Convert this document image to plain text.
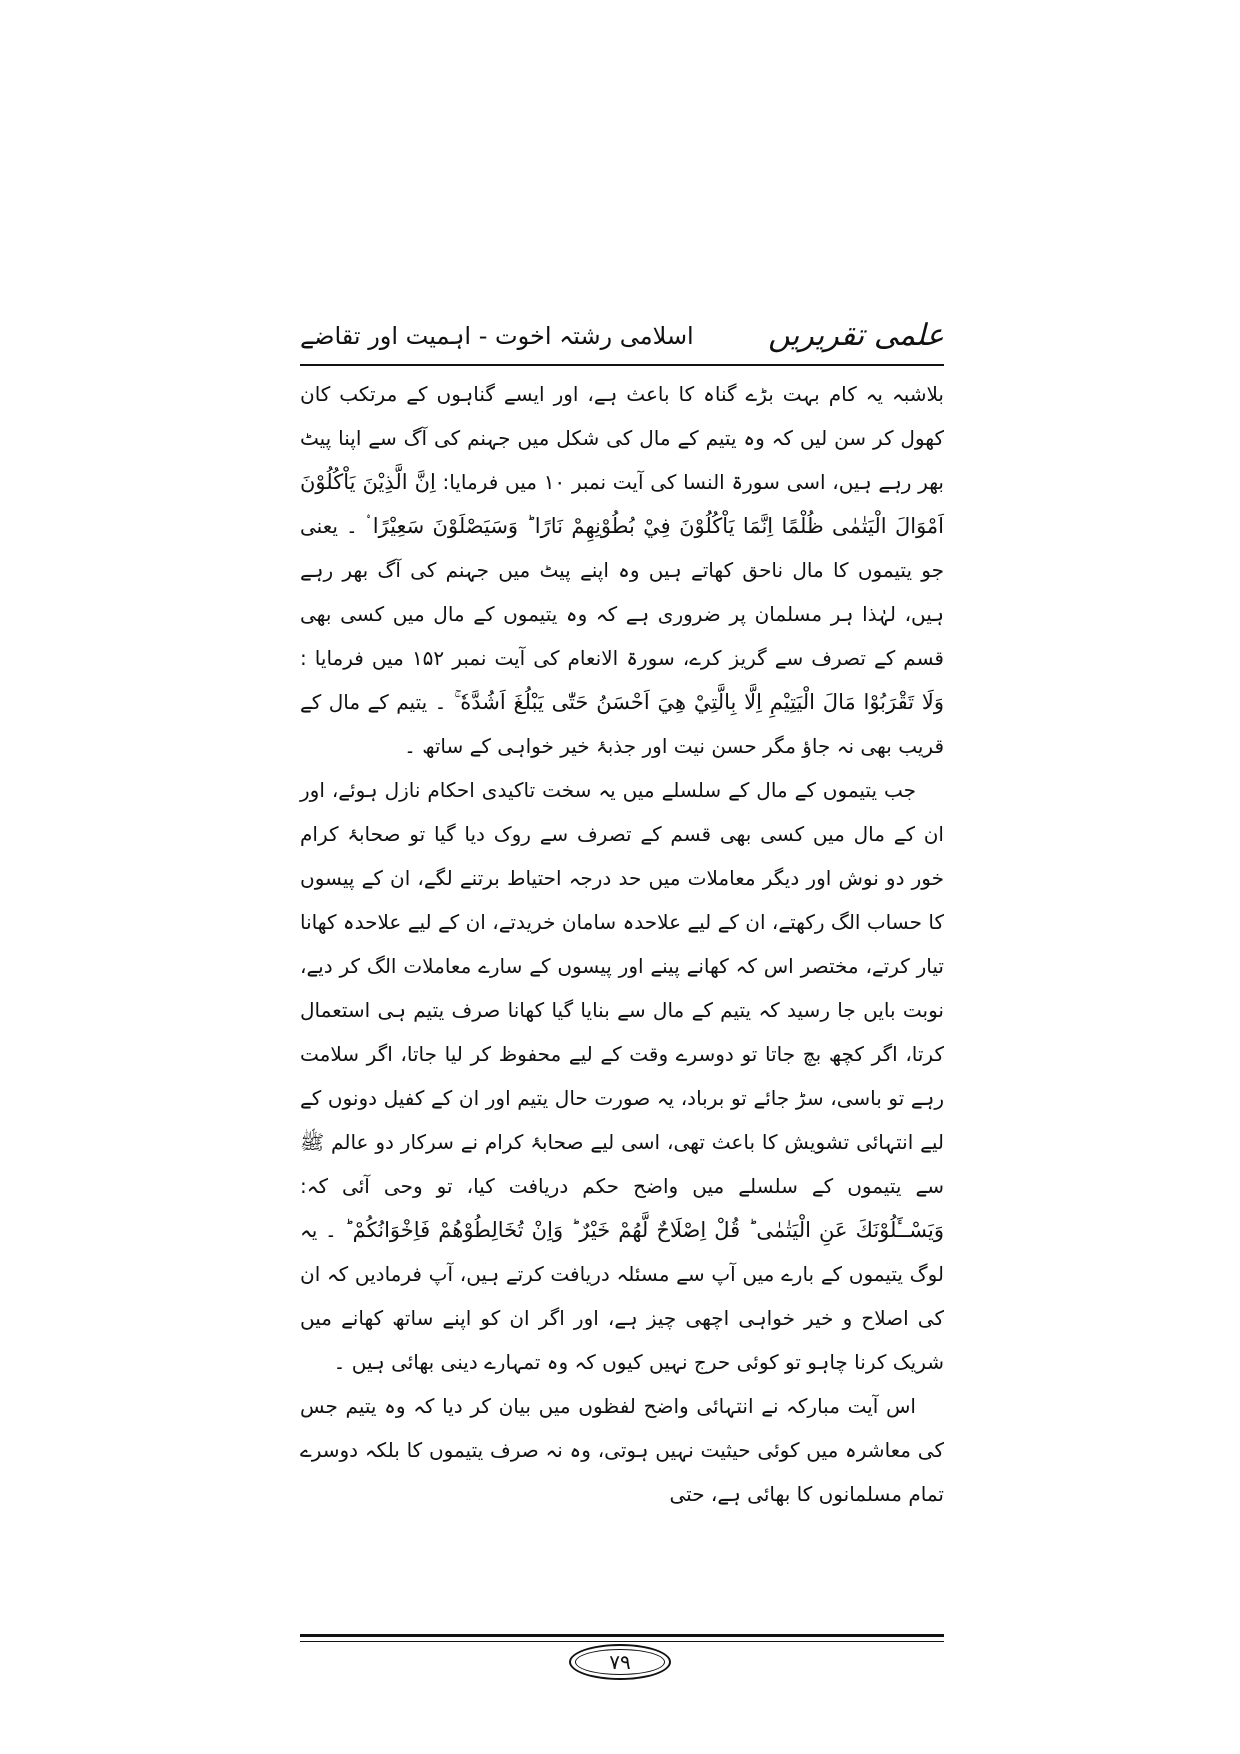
علمی تقریریں
اسلامی رشتہ اخوت - اہمیت اور تقاضے

بلاشبہ یہ کام بہت بڑے گناہ کا باعث ہے، اور ایسے گناہوں کے مرتکب کان کھول کر سن لیں کہ وہ یتیم کے مال کی شکل میں جہنم کی آگ سے اپنا پیٹ بھر رہے ہیں، اسی سورۃ النسا کی آیت نمبر ۱۰ میں فرمایا: اِنَّ الَّذِيْنَ يَاْكُلُوْنَ اَمْوَالَ الْيَتٰمٰى ظُلْمًا اِنَّمَا يَاْكُلُوْنَ فِيْ بُطُوْنِهِمْ نَارًا ؕ وَسَيَصْلَوْنَ سَعِيْرًا ۟ ۔ یعنی جو یتیموں کا مال ناحق کھاتے ہیں وہ اپنے پیٹ میں جہنم کی آگ بھر رہے ہیں، لہٰذا ہر مسلمان پر ضروری ہے کہ وہ یتیموں کے مال میں کسی بھی قسم کے تصرف سے گریز کرے، سورۃ الانعام کی آیت نمبر ۱۵۲ میں فرمایا : وَلَا تَقْرَبُوْا مَالَ الْيَتِيْمِ اِلَّا بِالَّتِيْ هِيَ اَحْسَنُ حَتّٰى يَبْلُغَ اَشُدَّهٗ ۚ ۔ یتیم کے مال کے قریب بھی نہ جاؤ مگر حسن نیت اور جذبۂ خیر خواہی کے ساتھ ۔

جب یتیموں کے مال کے سلسلے میں یہ سخت تاکیدی احکام نازل ہوئے، اور ان کے مال میں کسی بھی قسم کے تصرف سے روک دیا گیا تو صحابۂ کرام خور دو نوش اور دیگر معاملات میں حد درجہ احتیاط برتنے لگے، ان کے پیسوں کا حساب الگ رکھتے، ان کے لیے علاحدہ سامان خریدتے، ان کے لیے علاحدہ کھانا تیار کرتے، مختصر اس کہ کھانے پینے اور پیسوں کے سارے معاملات الگ کر دیے، نوبت بایں جا رسید کہ یتیم کے مال سے بنایا گیا کھانا صرف یتیم ہی استعمال کرتا، اگر کچھ بچ جاتا تو دوسرے وقت کے لیے محفوظ کر لیا جاتا، اگر سلامت رہے تو باسی، سڑ جائے تو برباد، یہ صورت حال یتیم اور ان کے کفیل دونوں کے لیے انتہائی تشویش کا باعث تھی، اسی لیے صحابۂ کرام نے سرکار دو عالم ﷺ سے یتیموں کے سلسلے میں واضح حکم دریافت کیا، تو وحی آئی کہ: وَيَسْــَٔلُوْنَكَ عَنِ الْيَتٰمٰى ؕ قُلْ اِصْلَاحٌ لَّهُمْ خَيْرٌ ؕ وَاِنْ تُخَالِطُوْهُمْ فَاِخْوَانُكُمْ ؕ ۔ یہ لوگ یتیموں کے بارے میں آپ سے مسئلہ دریافت کرتے ہیں، آپ فرمادیں کہ ان کی اصلاح و خیر خواہی اچھی چیز ہے، اور اگر ان کو اپنے ساتھ کھانے میں شریک کرنا چاہو تو کوئی حرج نہیں کیوں کہ وہ تمہارے دینی بھائی ہیں ۔

اس آیت مبارکہ نے انتہائی واضح لفظوں میں بیان کر دیا کہ وہ یتیم جس کی معاشرہ میں کوئی حیثیت نہیں ہوتی، وہ نہ صرف یتیموں کا بلکہ دوسرے تمام مسلمانوں کا بھائی ہے، حتی

۷۹
